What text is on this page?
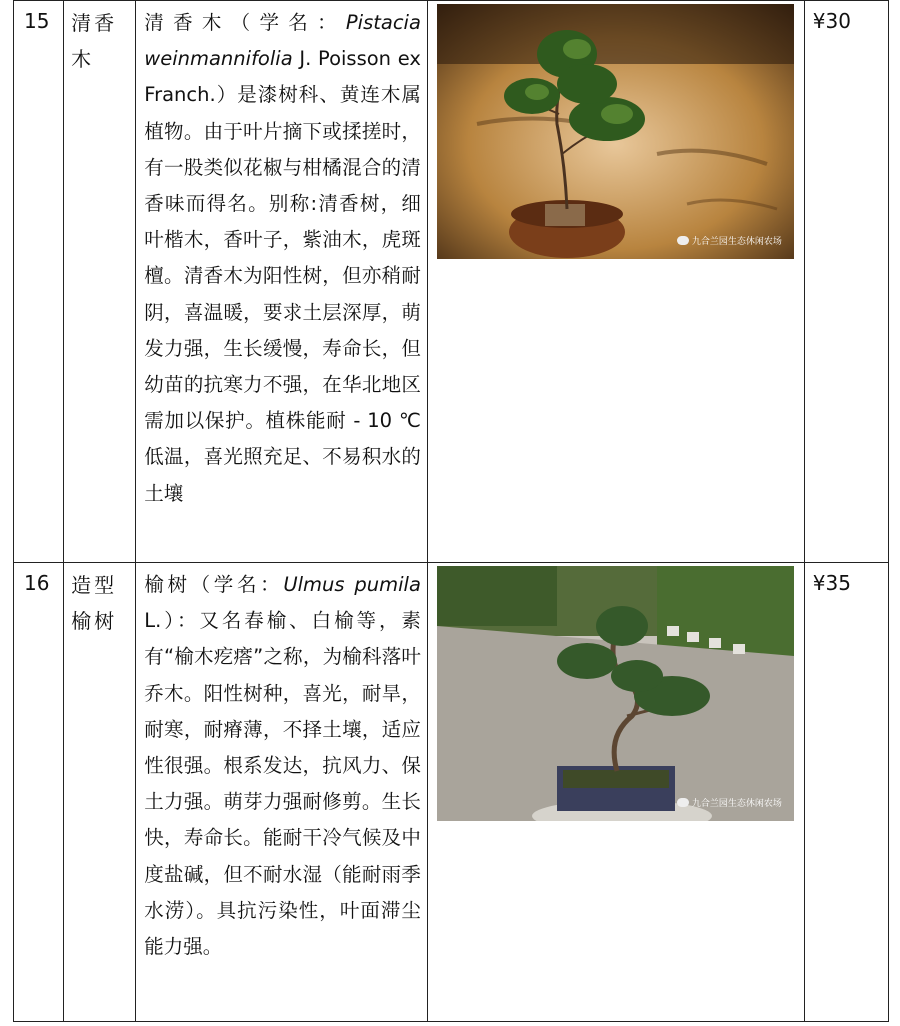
15	清香木	清香木（学名：Pistacia weinmannifolia J. Poisson ex Franch.）是漆树科、黄连木属植物。由于叶片摘下或揉搓时，有一股类似花椒与柑橘混合的清香味而得名。别称:清香树，细叶楷木，香叶子，紫油木，虎斑檀。清香木为阳性树，但亦稍耐阴，喜温暖，要求土层深厚，萌发力强，生长缓慢，寿命长，但幼苗的抗寒力不强，在华北地区需加以保护。植株能耐 - 10 ℃低温，喜光照充足、不易积水的土壤	九合兰园生态休闲农场	¥30

16	造型榆树	榆树（学名：Ulmus pumila L.）：又名春榆、白榆等，素有“榆木疙瘩”之称，为榆科落叶乔木。阳性树种，喜光，耐旱，耐寒，耐瘠薄，不择土壤，适应性很强。根系发达，抗风力、保土力强。萌芽力强耐修剪。生长快，寿命长。能耐干冷气候及中度盐碱，但不耐水湿（能耐雨季水涝）。具抗污染性，叶面滞尘能力强。	九合兰园生态休闲农场	¥35
